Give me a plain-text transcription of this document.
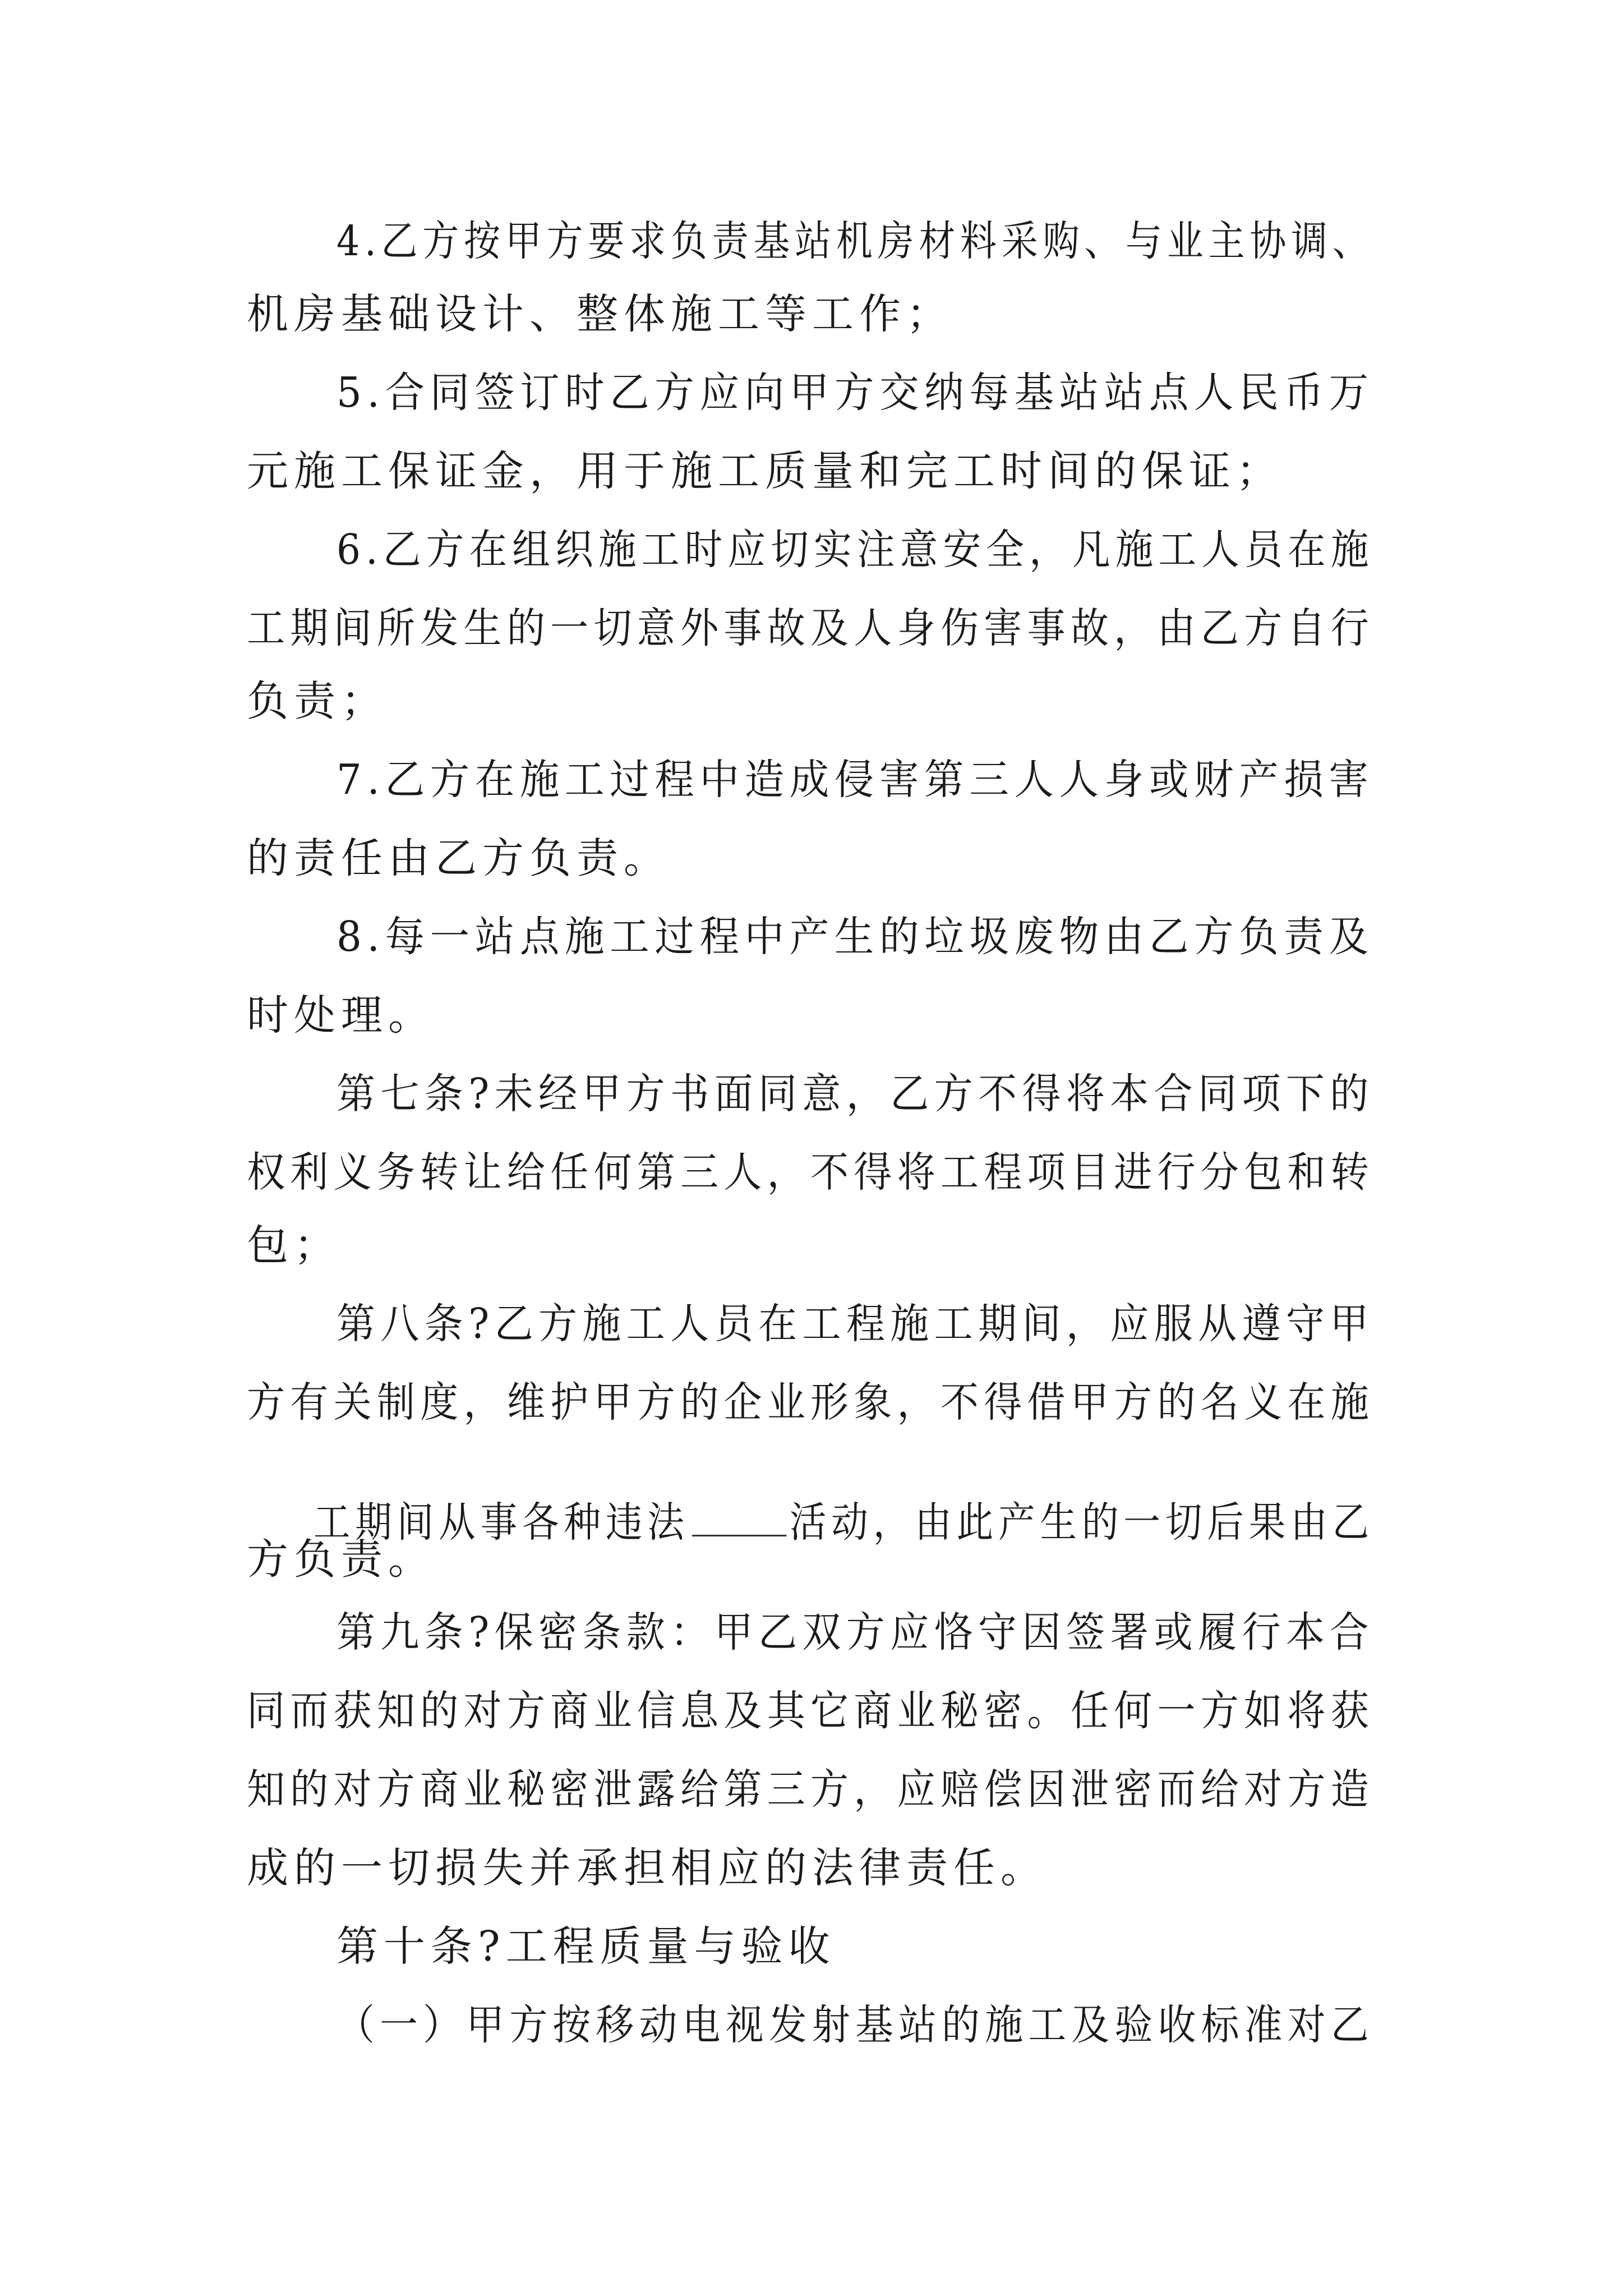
4.乙方按甲方要求负责基站机房材料采购、与业主协调、
机房基础设计、整体施工等工作；
5.合同签订时乙方应向甲方交纳每基站站点人民币万
元施工保证金，用于施工质量和完工时间的保证；
6.乙方在组织施工时应切实注意安全，凡施工人员在施
工期间所发生的一切意外事故及人身伤害事故，由乙方自行
负责；
7.乙方在施工过程中造成侵害第三人人身或财产损害
的责任由乙方负责。
8.每一站点施工过程中产生的垃圾废物由乙方负责及
时处理。
第七条?未经甲方书面同意，乙方不得将本合同项下的
权利义务转让给任何第三人，不得将工程项目进行分包和转
包；
第八条?乙方施工人员在工程施工期间，应服从遵守甲
方有关制度，维护甲方的企业形象，不得借甲方的名义在施

工期间从事各种违法 活动，由此产生的一切后果由乙

方负责。
第九条?保密条款：甲乙双方应恪守因签署或履行本合
同而获知的对方商业信息及其它商业秘密。任何一方如将获
知的对方商业秘密泄露给第三方，应赔偿因泄密而给对方造
成的一切损失并承担相应的法律责任。
第十条?工程质量与验收
（一）甲方按移动电视发射基站的施工及验收标准对乙
